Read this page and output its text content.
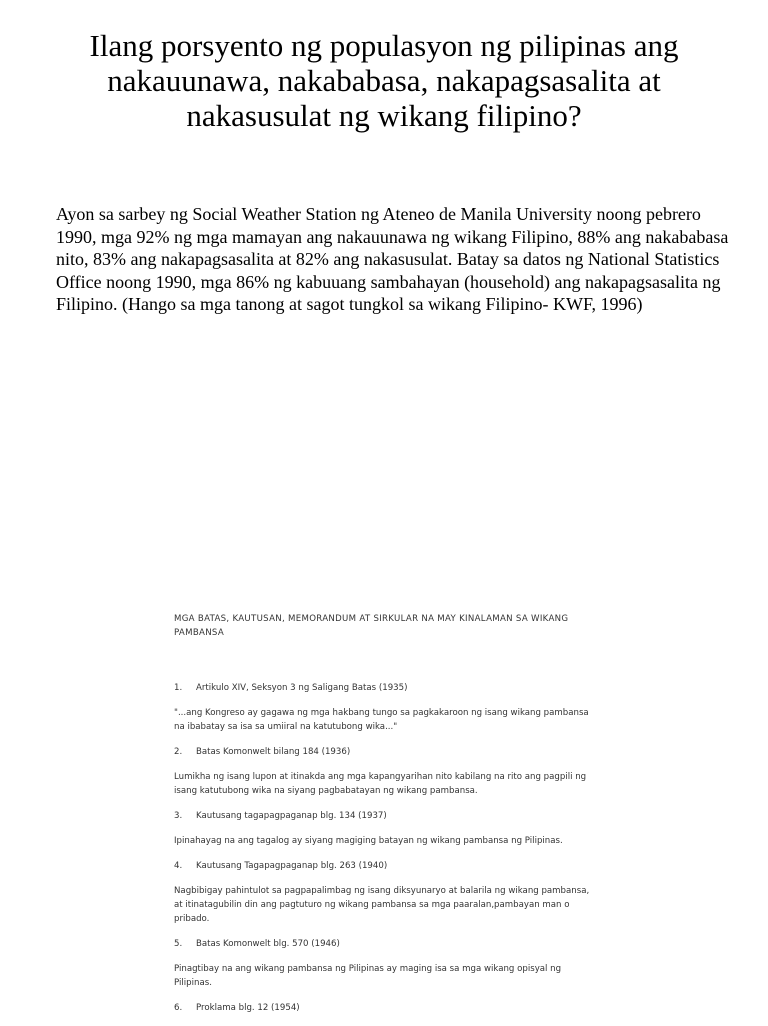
Ilang porsyento ng populasyon ng pilipinas ang nakauunawa, nakababasa, nakapagsasalita at nakasusulat ng wikang filipino?

Ayon sa sarbey ng Social Weather Station ng Ateneo de Manila University noong pebrero 1990, mga 92% ng mga mamayan ang nakauunawa ng wikang Filipino, 88% ang nakababasa nito, 83% ang nakapagsasalita at 82% ang nakasusulat. Batay sa datos ng National Statistics Office noong 1990, mga 86% ng kabuuang sambahayan (household) ang nakapagsasalita ng Filipino. (Hango sa mga tanong at sagot tungkol sa wikang Filipino- KWF, 1996)

MGA BATAS, KAUTUSAN, MEMORANDUM AT SIRKULAR NA MAY KINALAMAN SA WIKANG PAMBANSA

1. Artikulo XIV, Seksyon 3 ng Saligang Batas (1935)

"...ang Kongreso ay gagawa ng mga hakbang tungo sa pagkakaroon ng isang wikang pambansa na ibabatay sa isa sa umiiral na katutubong wika..."

2. Batas Komonwelt bilang 184 (1936)

Lumikha ng isang lupon at itinakda ang mga kapangyarihan nito kabilang na rito ang pagpili ng isang katutubong wika na siyang pagbabatayan ng wikang pambansa.

3. Kautusang tagapagpaganap blg. 134 (1937)

Ipinahayag na ang tagalog ay siyang magiging batayan ng wikang pambansa ng Pilipinas.

4. Kautusang Tagapagpaganap blg. 263 (1940)

Nagbibigay pahintulot sa pagpapalimbag ng isang diksyunaryo at balarila ng wikang pambansa, at itinatagubilin din ang pagtuturo ng wikang pambansa sa mga paaralan,pambayan man o pribado.

5. Batas Komonwelt blg. 570 (1946)

Pinagtibay na ang wikang pambansa ng Pilipinas ay maging isa sa mga wikang opisyal ng Pilipinas.

6. Proklama blg. 12 (1954)
